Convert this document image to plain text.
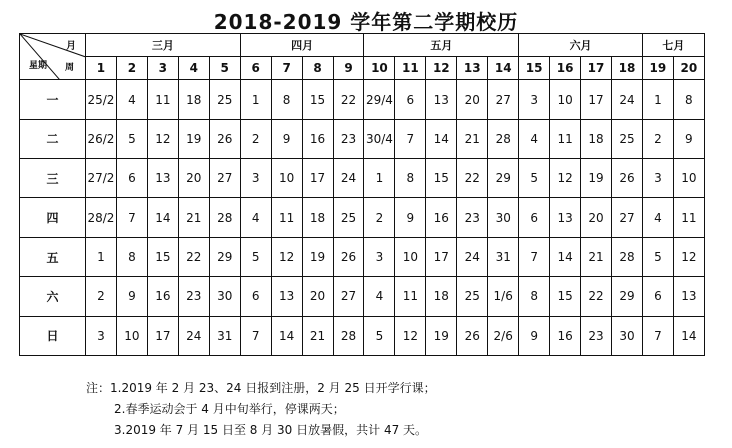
2018-2019 学年第二学期校历
月
星期 周	三月					四月				五月					六月				七月	
	1	2	3	4	5	6	7	8	9	10	11	12	13	14	15	16	17	18	19	20
一	25/2	4	11	18	25	1	8	15	22	29/4	6	13	20	27	3	10	17	24	1	8
二	26/2	5	12	19	26	2	9	16	23	30/4	7	14	21	28	4	11	18	25	2	9
三	27/2	6	13	20	27	3	10	17	24	1	8	15	22	29	5	12	19	26	3	10
四	28/2	7	14	21	28	4	11	18	25	2	9	16	23	30	6	13	20	27	4	11
五	1	8	15	22	29	5	12	19	26	3	10	17	24	31	7	14	21	28	5	12
六	2	9	16	23	30	6	13	20	27	4	11	18	25	1/6	8	15	22	29	6	13
日	3	10	17	24	31	7	14	21	28	5	12	19	26	2/6	9	16	23	30	7	14
注：1.2019 年 2 月 23、24 日报到注册，2 月 25 日开学行课；
2.春季运动会于 4 月中旬举行，停课两天；
3.2019 年 7 月 15 日至 8 月 30 日放暑假，共计 47 天。
